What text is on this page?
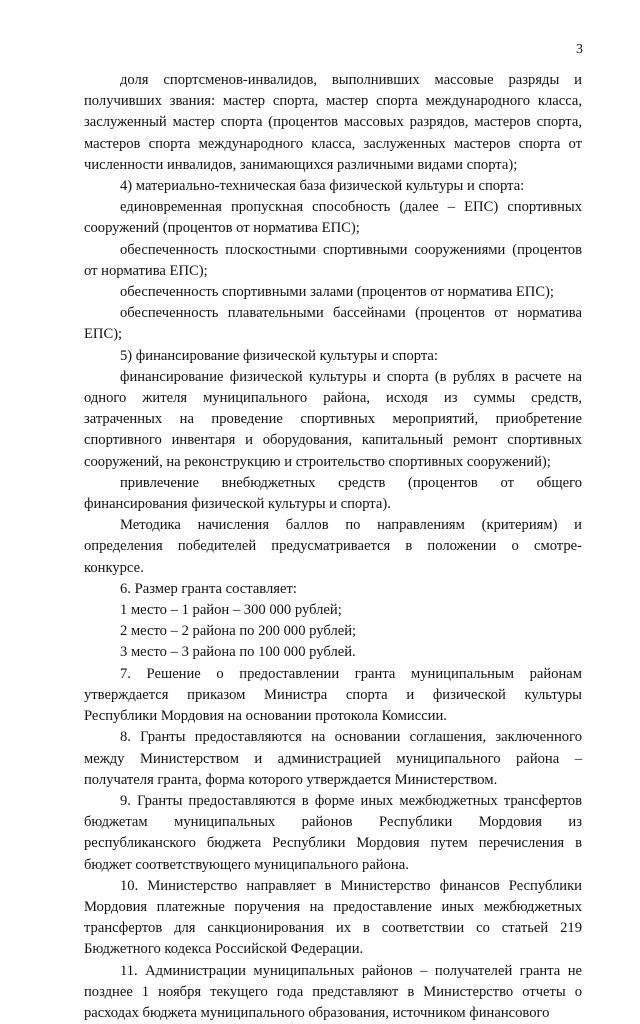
3
доля спортсменов-инвалидов, выполнивших массовые разряды и
получивших звания: мастер спорта, мастер спорта международного класса,
заслуженный мастер спорта (процентов массовых разрядов, мастеров спорта,
мастеров спорта международного класса, заслуженных мастеров спорта от
численности инвалидов, занимающихся различными видами спорта);
4) материально-техническая база физической культуры и спорта:
единовременная пропускная способность (далее – ЕПС) спортивных
сооружений (процентов от норматива ЕПС);
обеспеченность плоскостными спортивными сооружениями (процентов
от норматива ЕПС);
обеспеченность спортивными залами (процентов от норматива ЕПС);
обеспеченность плавательными бассейнами (процентов от норматива
ЕПС);
5) финансирование физической культуры и спорта:
финансирование физической культуры и спорта (в рублях в расчете на
одного жителя муниципального района, исходя из суммы средств,
затраченных на проведение спортивных мероприятий, приобретение
спортивного инвентаря и оборудования, капитальный ремонт спортивных
сооружений, на реконструкцию и строительство спортивных сооружений);
привлечение внебюджетных средств (процентов от общего
финансирования физической культуры и спорта).
Методика начисления баллов по направлениям (критериям) и
определения победителей предусматривается в положении о смотре-
конкурсе.
6. Размер гранта составляет:
1 место – 1 район – 300 000 рублей;
2 место – 2 района по 200 000 рублей;
3 место – 3 района по 100 000 рублей.
7. Решение о предоставлении гранта муниципальным районам
утверждается приказом Министра спорта и физической культуры
Республики Мордовия на основании протокола Комиссии.
8. Гранты предоставляются на основании соглашения, заключенного
между Министерством и администрацией муниципального района –
получателя гранта, форма которого утверждается Министерством.
9. Гранты предоставляются в форме иных межбюджетных трансфертов
бюджетам муниципальных районов Республики Мордовия из
республиканского бюджета Республики Мордовия путем перечисления в
бюджет соответствующего муниципального района.
10. Министерство направляет в Министерство финансов Республики
Мордовия платежные поручения на предоставление иных межбюджетных
трансфертов для санкционирования их в соответствии со статьей 219
Бюджетного кодекса Российской Федерации.
11. Администрации муниципальных районов – получателей гранта не
позднее 1 ноября текущего года представляют в Министерство отчеты о
расходах бюджета муниципального образования, источником финансового
